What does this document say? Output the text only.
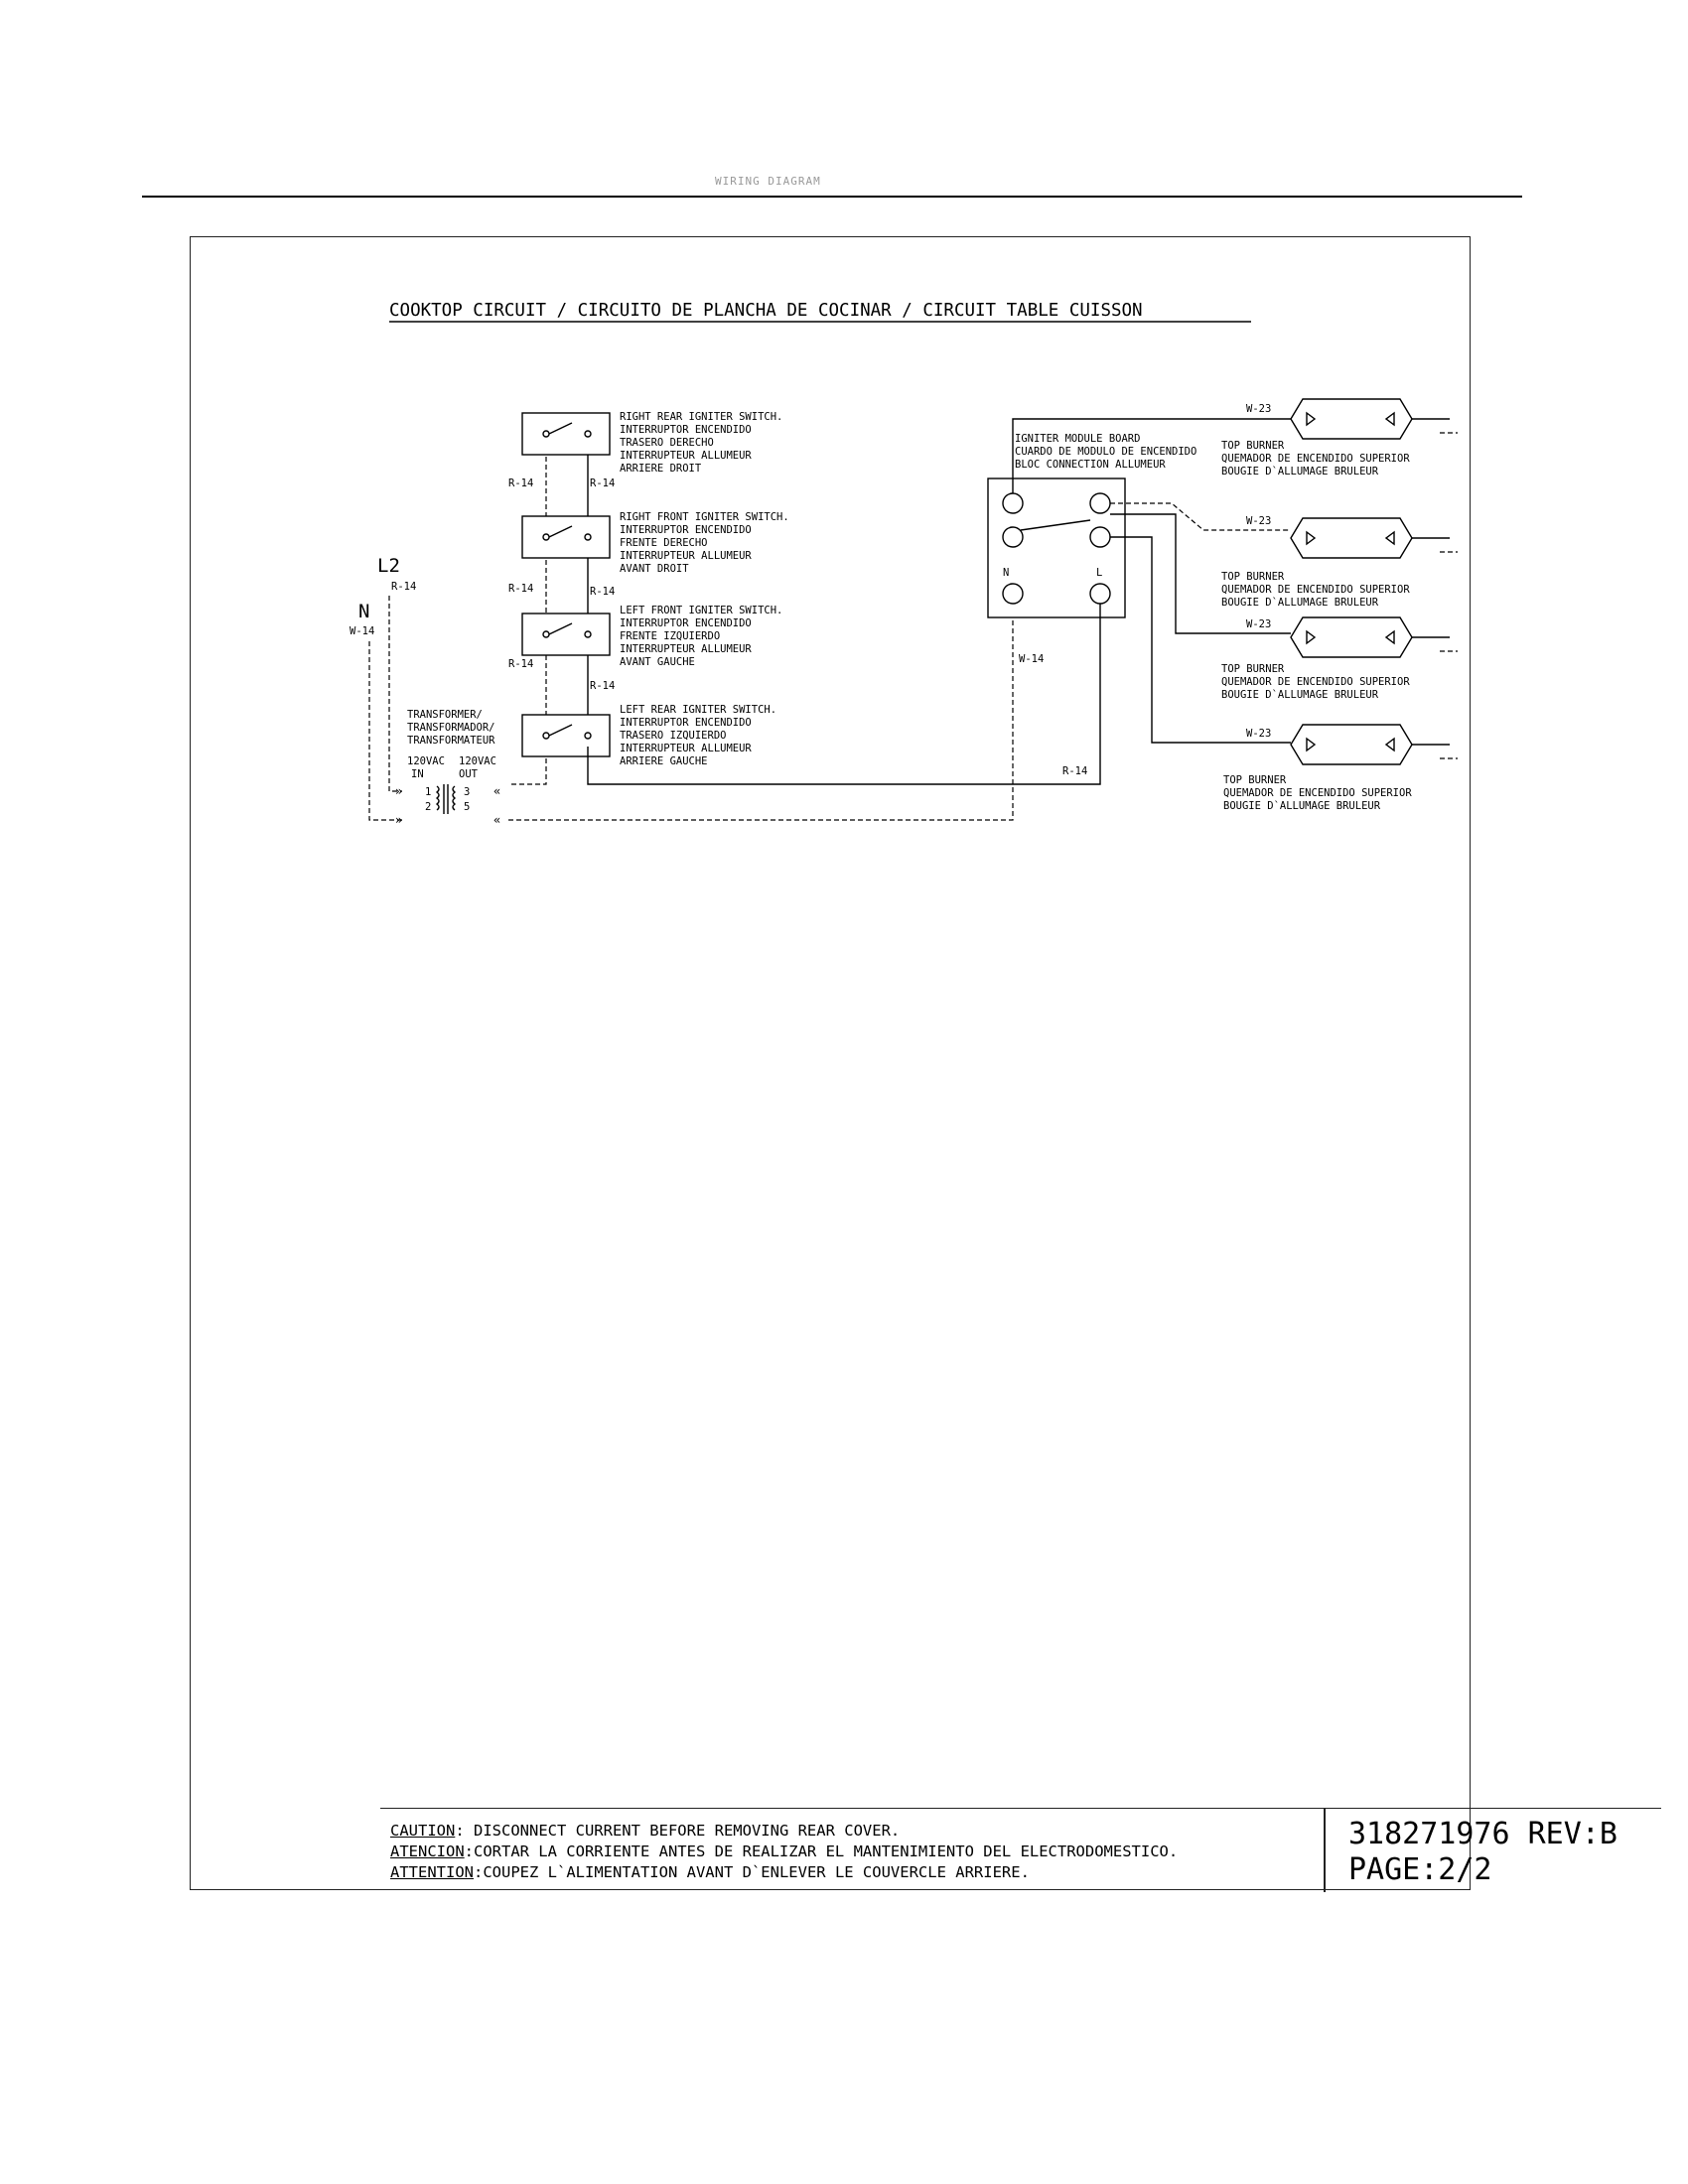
WIRING DIAGRAM
CAUTION: DISCONNECT CURRENT BEFORE REMOVING REAR COVER.
ATENCION:CORTAR LA CORRIENTE ANTES DE REALIZAR EL MANTENIMIENTO DEL ELECTRODOMESTICO.
ATTENTION:COUPEZ L`ALIMENTATION AVANT D`ENLEVER LE COUVERCLE ARRIERE.
318271976 REV:B
PAGE:2/2
COOKTOP CIRCUIT / CIRCUITO DE PLANCHA DE COCINAR / CIRCUIT TABLE CUISSON
L2
R-14
N
W-14
»
»
RIGHT REAR IGNITER SWITCH.
INTERRUPTOR ENCENDIDO
TRASERO DERECHO
INTERRUPTEUR ALLUMEUR
ARRIERE DROIT
R-14	R-14
RIGHT FRONT IGNITER SWITCH.
INTERRUPTOR ENCENDIDO
FRENTE DERECHO
INTERRUPTEUR ALLUMEUR
AVANT DROIT
R-14	R-14
LEFT FRONT IGNITER SWITCH.
INTERRUPTOR ENCENDIDO
FRENTE IZQUIERDO
INTERRUPTEUR ALLUMEUR
AVANT GAUCHE
R-14
R-14
LEFT REAR IGNITER SWITCH.
INTERRUPTOR ENCENDIDO
TRASERO IZQUIERDO
INTERRUPTEUR ALLUMEUR
ARRIERE GAUCHE
TRANSFORMER/
TRANSFORMADOR/
TRANSFORMATEUR
120VAC
IN
120VAC
OUT
1
2
3
5
«
«
N	L
IGNITER MODULE BOARD
CUARDO DE MODULO DE ENCENDIDO
BLOC CONNECTION ALLUMEUR
W-14
R-14
W-23
TOP BURNER
QUEMADOR DE ENCENDIDO SUPERIOR
BOUGIE D`ALLUMAGE BRULEUR
W-23
TOP BURNER
QUEMADOR DE ENCENDIDO SUPERIOR
BOUGIE D`ALLUMAGE BRULEUR
W-23
TOP BURNER
QUEMADOR DE ENCENDIDO SUPERIOR
BOUGIE D`ALLUMAGE BRULEUR
W-23
TOP BURNER
QUEMADOR DE ENCENDIDO SUPERIOR
BOUGIE D`ALLUMAGE BRULEUR
